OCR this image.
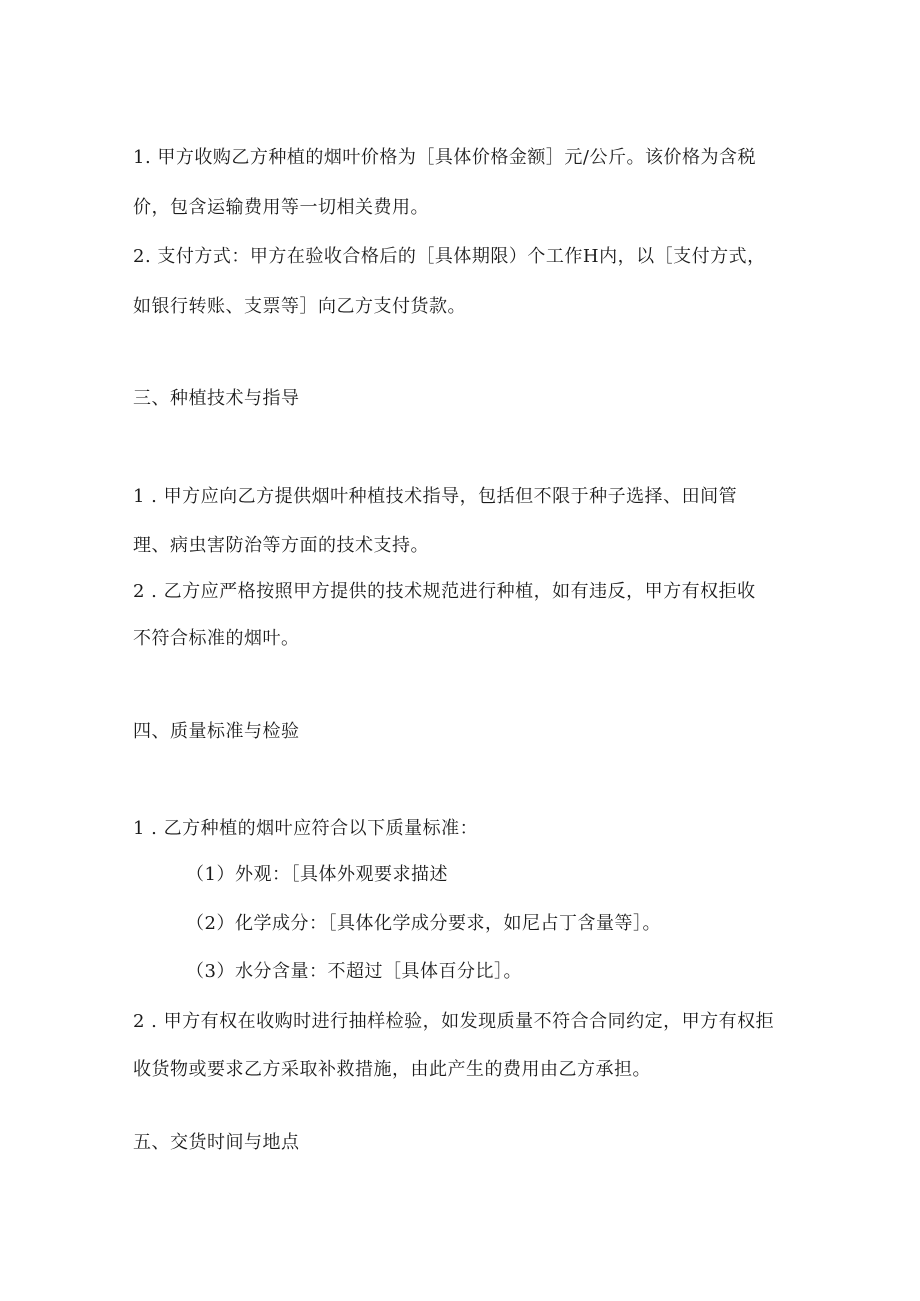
1. 甲方收购乙方种植的烟叶价格为［具体价格金额］元/公斤。该价格为含税
价，包含运输费用等一切相关费用。
2. 支付方式：甲方在验收合格后的［具体期限）个工作H内，以［支付方式，
如银行转账、支票等］向乙方支付货款。
三、种植技术与指导
1 . 甲方应向乙方提供烟叶种植技术指导，包括但不限于种子选择、田间管
理、病虫害防治等方面的技术支持。
2 . 乙方应严格按照甲方提供的技术规范进行种植，如有违反，甲方有权拒收
不符合标准的烟叶。
四、质量标准与检验
1 . 乙方种植的烟叶应符合以下质量标准：
（1）外观：［具体外观要求描述
（2）化学成分：［具体化学成分要求，如尼占丁含量等］。
（3）水分含量：不超过［具体百分比］。
2 . 甲方有权在收购时进行抽样检验，如发现质量不符合合同约定，甲方有权拒
收货物或要求乙方采取补救措施，由此产生的费用由乙方承担。
五、交货时间与地点
